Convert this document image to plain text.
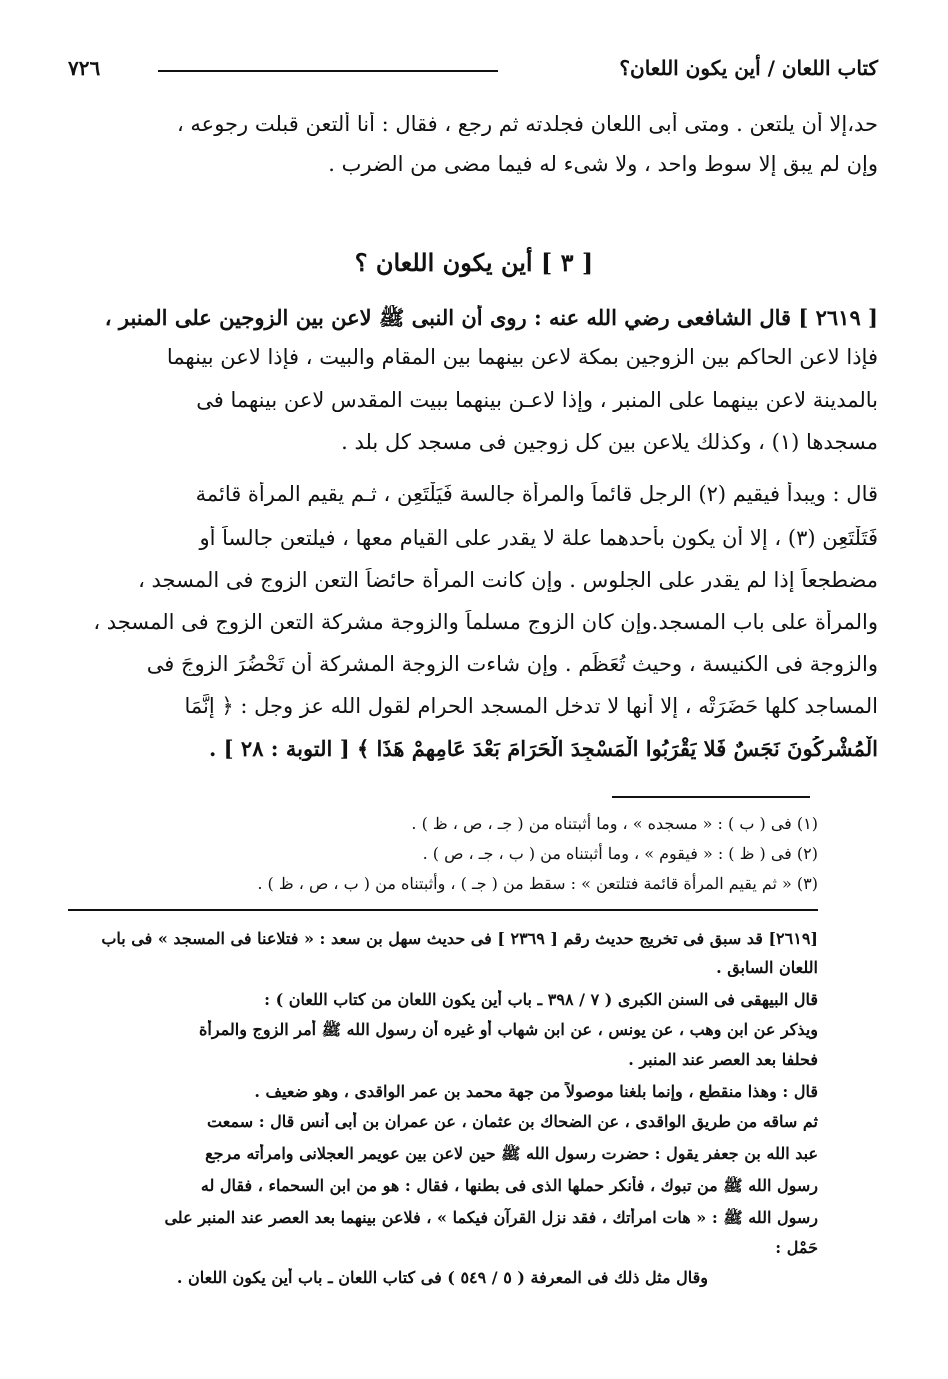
كتاب اللعان / أين يكون اللعان؟
٧٢٦
حد،إلا أن يلتعن . ومتى أبى اللعان فجلدته ثم رجع ، فقال : أنا ألتعن قبلت رجوعه ،
وإن لم يبق إلا سوط واحد ، ولا شىء له فيما مضى من الضرب .
[ ٣ ] أين يكون اللعان ؟
[ ٢٦١٩ ] قال الشافعى رضي الله عنه : روى أن النبى ﷺ لاعن بين الزوجين على المنبر ،
فإذا لاعن الحاكم بين الزوجين بمكة لاعن بينهما بين المقام والبيت ، فإذا لاعن بينهما
بالمدينة لاعن بينهما على المنبر ، وإذا لاعـن بينهما ببيت المقدس لاعن بينهما فى
مسجدها (١) ، وكذلك يلاعن بين كل زوجين فى مسجد كل بلد .
قال : ويبدأ فيقيم (٢) الرجل قائماً والمرأة جالسة فَيَلْتَعِن ، ثـم يقيم المرأة قائمة
فَتَلْتَعِن (٣) ، إلا أن يكون بأحدهما علة لا يقدر على القيام معها ، فيلتعن جالساً أو
مضطجعاً إذا لم يقدر على الجلوس . وإن كانت المرأة حائضاً التعن الزوج فى المسجد ،
والمرأة على باب المسجد.وإن كان الزوج مسلماً والزوجة مشركة التعن الزوج فى المسجد ،
والزوجة فى الكنيسة ، وحيث تُعَظِّم . وإن شاءت الزوجة المشركة أن تَحْضُرَ الزوجَ فى
المساجد كلها حَضَرَتْه ، إلا أنها لا تدخل المسجد الحرام لقول الله عز وجل : ﴿ إِنَّمَا
الْمُشْرِكُونَ نَجَسٌ فَلا يَقْرَبُوا الْمَسْجِدَ الْحَرَامَ بَعْدَ عَامِهِمْ هَذَا ﴾ [ التوبة : ٢٨ ] .
(١) فى ( ب ) : « مسجده » ، وما أثبتناه من ( جـ ، ص ، ظ ) .
(٢) فى ( ظ ) : « فيقوم » ، وما أثبتناه من ( ب ، جـ ، ص ) .
(٣) « ثم يقيم المرأة قائمة فتلتعن » : سقط من ( جـ ) ، وأثبتناه من ( ب ، ص ، ظ ) .
[٢٦١٩] قد سبق فى تخريج حديث رقم [ ٢٣٦٩ ] فى حديث سهل بن سعد : « فتلاعنا فى المسجد » فى باب
اللعان السابق .
قال البيهقى فى السنن الكبرى ( ٧ / ٣٩٨ ـ باب أين يكون اللعان من كتاب اللعان ) :
ويذكر عن ابن وهب ، عن يونس ، عن ابن شهاب أو غيره أن رسول الله ﷺ أمر الزوج والمرأة
فحلفا بعد العصر عند المنبر .
قال : وهذا منقطع ، وإنما بلغنا موصولاً من جهة محمد بن عمر الواقدى ، وهو ضعيف .
ثم ساقه من طريق الواقدى ، عن الضحاك بن عثمان ، عن عمران بن أبى أنس قال : سمعت
عبد الله بن جعفر يقول : حضرت رسول الله ﷺ حين لاعن بين عويمر العجلانى وامرأته مرجع
رسول الله ﷺ من تبوك ، فأنكر حملها الذى فى بطنها ، فقال : هو من ابن السحماء ، فقال له
رسول الله ﷺ : « هات امرأتك ، فقد نزل القرآن فيكما » ، فلاعن بينهما بعد العصر عند المنبر على
حَمْل :
وقال مثل ذلك فى المعرفة ( ٥ / ٥٤٩ ) فى كتاب اللعان ـ باب أين يكون اللعان .
